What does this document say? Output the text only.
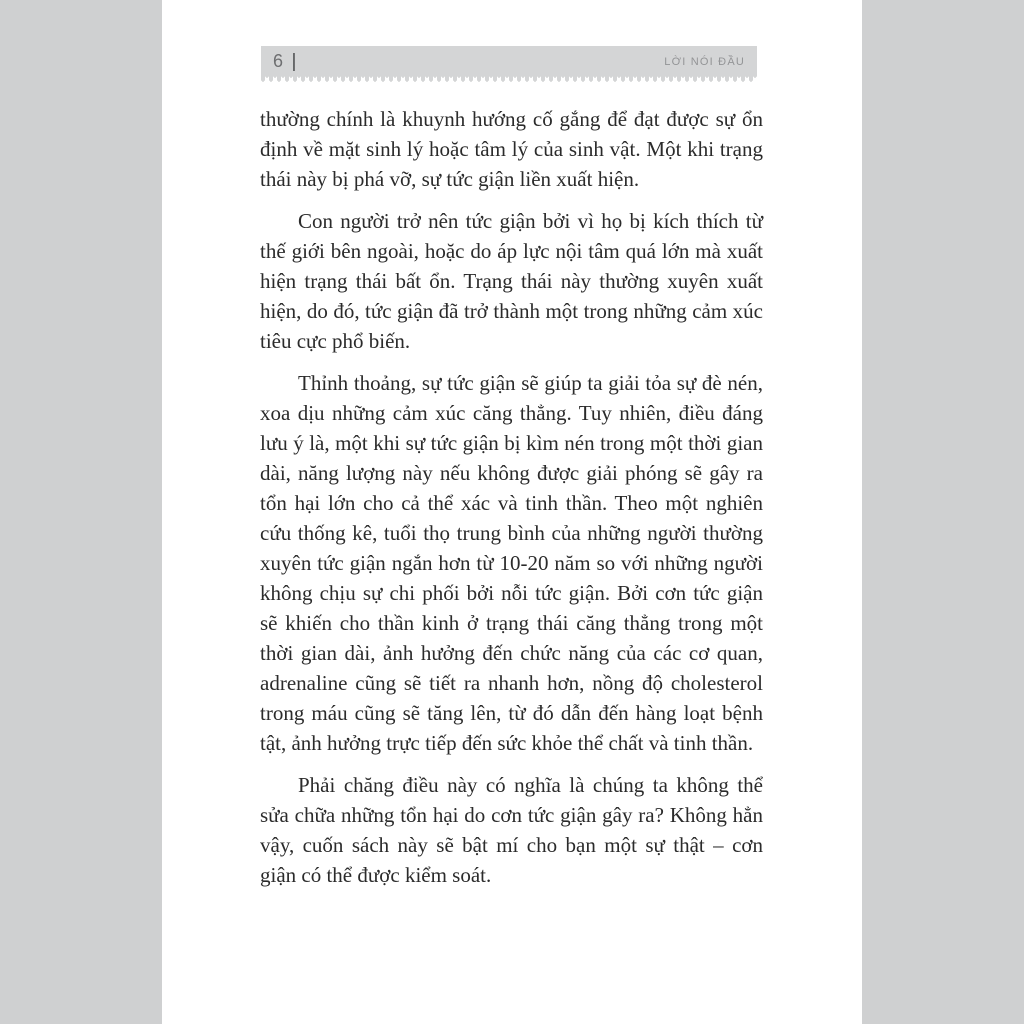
6 |	LỜI NÓI ĐẦU

thường chính là khuynh hướng cố gắng để đạt được sự ổn định về mặt sinh lý hoặc tâm lý của sinh vật. Một khi trạng thái này bị phá vỡ, sự tức giận liền xuất hiện.

Con người trở nên tức giận bởi vì họ bị kích thích từ thế giới bên ngoài, hoặc do áp lực nội tâm quá lớn mà xuất hiện trạng thái bất ổn. Trạng thái này thường xuyên xuất hiện, do đó, tức giận đã trở thành một trong những cảm xúc tiêu cực phổ biến.

Thỉnh thoảng, sự tức giận sẽ giúp ta giải tỏa sự đè nén, xoa dịu những cảm xúc căng thẳng. Tuy nhiên, điều đáng lưu ý là, một khi sự tức giận bị kìm nén trong một thời gian dài, năng lượng này nếu không được giải phóng sẽ gây ra tổn hại lớn cho cả thể xác và tinh thần. Theo một nghiên cứu thống kê, tuổi thọ trung bình của những người thường xuyên tức giận ngắn hơn từ 10-20 năm so với những người không chịu sự chi phối bởi nỗi tức giận. Bởi cơn tức giận sẽ khiến cho thần kinh ở trạng thái căng thẳng trong một thời gian dài, ảnh hưởng đến chức năng của các cơ quan, adrenaline cũng sẽ tiết ra nhanh hơn, nồng độ cholesterol trong máu cũng sẽ tăng lên, từ đó dẫn đến hàng loạt bệnh tật, ảnh hưởng trực tiếp đến sức khỏe thể chất và tinh thần.

Phải chăng điều này có nghĩa là chúng ta không thể sửa chữa những tổn hại do cơn tức giận gây ra? Không hẳn vậy, cuốn sách này sẽ bật mí cho bạn một sự thật – cơn giận có thể được kiểm soát.
